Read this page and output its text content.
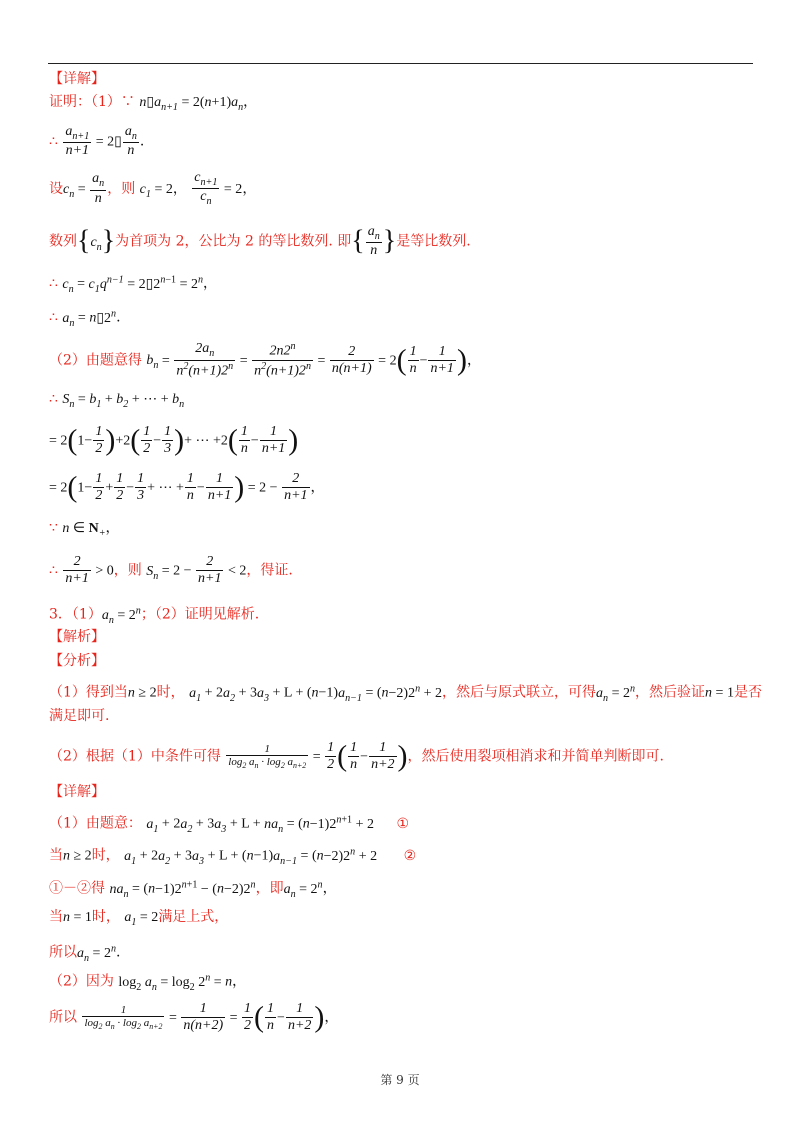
【详解】
证明：（1）∵ $n▯a_{n+1} = 2(n+1)a_n$，
∴ $\frac{a_{n+1}}{n+1}$ = 2▯ $\frac{a_n}{n}$ .
设$c_n = \frac{a_n}{n}$ ，则 $c_1 = 2$， $\frac{c_{n+1}}{c_n} = 2$，
数列$\{c_n\}$为首项为 2，公比为 2 的等比数列. 即{ $\frac{a_n}{n}$ }是等比数列.
∴ $c_n = c_1q^{n-1}$ = $2▯2^{n-1} = 2^n$，
∴ $a_n$ = $n▯2^n$.
（2）由题意得 $b_n = \frac{2a_n}{n^2(n+1)2^n} = \frac{2n2^n}{n^2(n+1)2^n} = \frac{2}{n(n+1)} = 2( \frac{1}{n} - \frac{1}{n+1}$ )，
∴ $S_n = b_1 + b_2$ + ⋯ + $b_n$
= $2(1- \frac{1}{2} )+2( \frac{1}{2} - \frac{1}{3}$ )+ ⋯ $+2( \frac{1}{n} - \frac{1}{n+1}$ )
= $2(1- \frac{1}{2} + \frac{1}{2} - \frac{1}{3}$ + ⋯ + $\frac{1}{n} - \frac{1}{n+1}$ ) = $2 - \frac{2}{n+1}$ ，
∵ n ∈ $N_+$，
∴ $\frac{2}{n+1} > 0$，则 $S_n = 2 - \frac{2}{n+1} < 2$，得证.
3．$(1)a_n = 2^n$；（2）证明见解析.
【解析】
【分析】
（1）得到当n ≥ 2时， $a_1 + 2a_2 + 3a_3 + L + (n-1)a_{n-1} = (n-2)2^n + 2$，然后与原式联立，可得$a_n = 2^n$，然后验证n = 1是否
满足即可.
（2）根据（1）中条件可得 $\frac{1}{\log_2 a_n \cdot \log_2 a_{n+2}} = \frac{1}{2}$ ( $\frac{1}{n} - \frac{1}{n+2}$ )，然后使用裂项相消求和并简单判断即可.
【详解】
（1）由题意： $a_1 + 2a_2 + 3a_3 + L + na_n = (n-1)2^{n+1} + 2$ ①
当n ≥ 2时， $a_1 + 2a_2 + 3a_3 + L + (n-1)a_{n-1} = (n-2)2^n + 2$ ②
①－②得 $na_n = (n-1)2^{n+1} - (n-2)2^n$，即$a_n = 2^n$，
当n = 1时， $a_1 = 2$满足上式，
所以$a_n = 2^n$.
（2）因为 $\log_2 a_n = \log_2 2^n = n$，
所以 $\frac{1}{\log_2 a_n \cdot \log_2 a_{n+2}} = \frac{1}{n(n+2)} = \frac{1}{2}$ ( $\frac{1}{n} - \frac{1}{n+2}$ )，
第 9 页
